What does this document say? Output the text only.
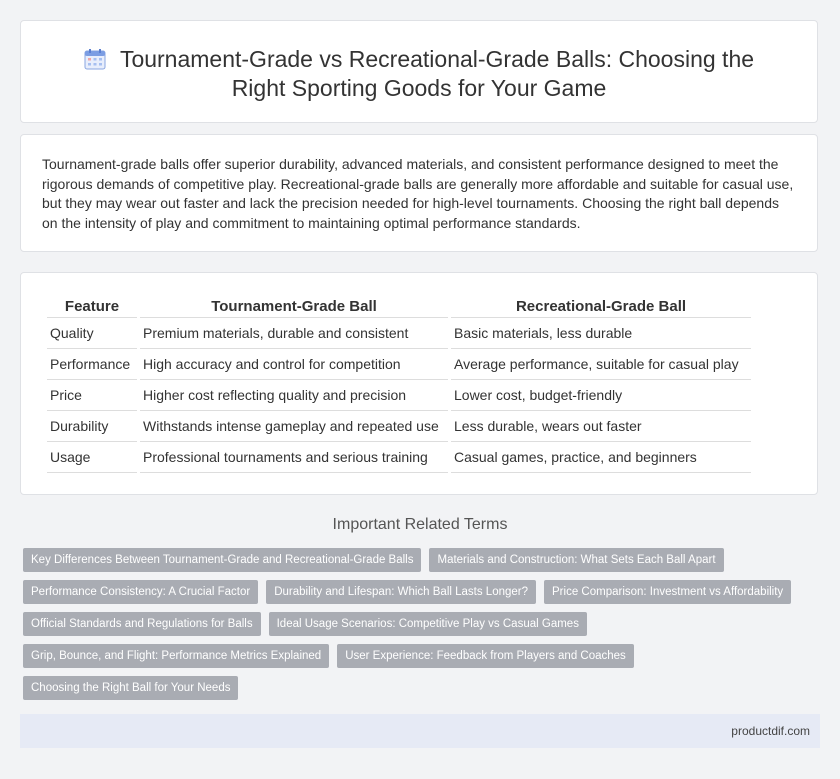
Tournament-Grade vs Recreational-Grade Balls: Choosing the
Right Sporting Goods for Your Game

Tournament-grade balls offer superior durability, advanced materials, and consistent performance designed to meet the rigorous demands of competitive play. Recreational-grade balls are generally more affordable and suitable for casual use, but they may wear out faster and lack the precision needed for high-level tournaments. Choosing the right ball depends on the intensity of play and commitment to maintaining optimal performance standards.

Feature	Tournament-Grade Ball	Recreational-Grade Ball
Quality	Premium materials, durable and consistent	Basic materials, less durable
Performance	High accuracy and control for competition	Average performance, suitable for casual play
Price	Higher cost reflecting quality and precision	Lower cost, budget-friendly
Durability	Withstands intense gameplay and repeated use	Less durable, wears out faster
Usage	Professional tournaments and serious training	Casual games, practice, and beginners
Important Related Terms
Key Differences Between Tournament-Grade and Recreational-Grade Balls	Materials and Construction: What Sets Each Ball Apart
Performance Consistency: A Crucial Factor	Durability and Lifespan: Which Ball Lasts Longer?	Price Comparison: Investment vs Affordability
Official Standards and Regulations for Balls	Ideal Usage Scenarios: Competitive Play vs Casual Games
Grip, Bounce, and Flight: Performance Metrics Explained	User Experience: Feedback from Players and Coaches
Choosing the Right Ball for Your Needs
productdif.com
